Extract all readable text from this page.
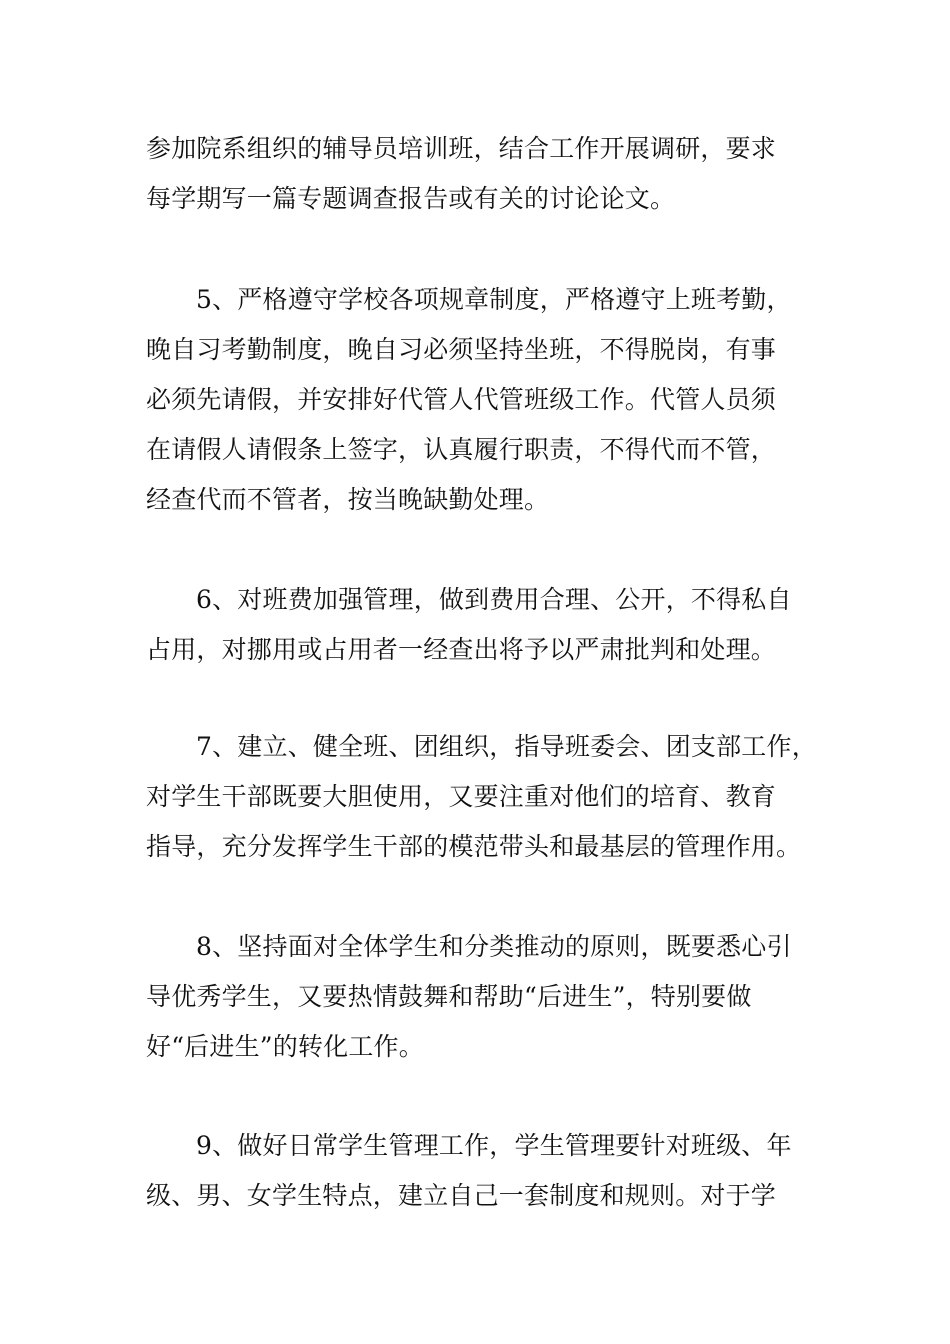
参加院系组织的辅导员培训班，结合工作开展调研，要求
每学期写一篇专题调查报告或有关的讨论论文。
5、严格遵守学校各项规章制度，严格遵守上班考勤，
晚自习考勤制度，晚自习必须坚持坐班，不得脱岗，有事
必须先请假，并安排好代管人代管班级工作。代管人员须
在请假人请假条上签字，认真履行职责，不得代而不管，
经查代而不管者，按当晚缺勤处理。
6、对班费加强管理，做到费用合理、公开，不得私自
占用，对挪用或占用者一经查出将予以严肃批判和处理。
7、建立、健全班、团组织，指导班委会、团支部工作，
对学生干部既要大胆使用，又要注重对他们的培育、教育
指导，充分发挥学生干部的模范带头和最基层的管理作用。
8、坚持面对全体学生和分类推动的原则，既要悉心引
导优秀学生，又要热情鼓舞和帮助“后进生”，特别要做
好“后进生”的转化工作。
9、做好日常学生管理工作，学生管理要针对班级、年
级、男、女学生特点，建立自己一套制度和规则。对于学
